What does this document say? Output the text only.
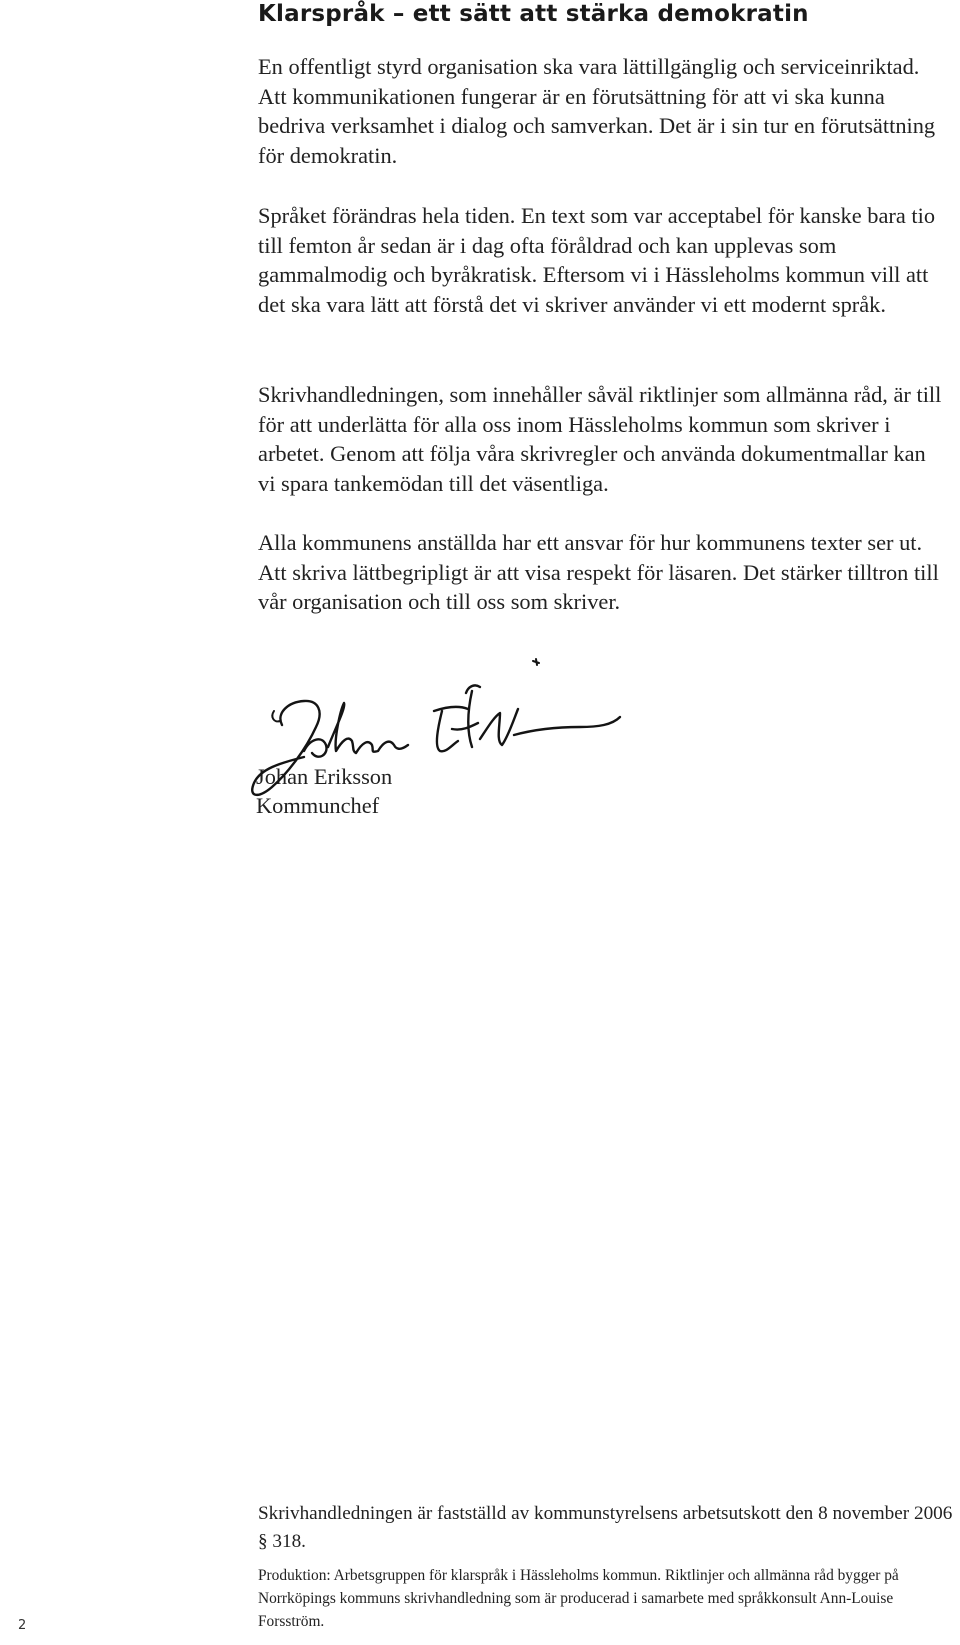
Klarspråk – ett sätt att stärka demokratin

En offentligt styrd organisation ska vara lättillgänglig och serviceinriktad. Att kommunikationen fungerar är en förutsättning för att vi ska kunna bedriva verksamhet i dialog och samverkan. Det är i sin tur en förutsättning för demokratin.

Språket förändras hela tiden. En text som var acceptabel för kanske bara tio till femton år sedan är i dag ofta föråldrad och kan upplevas som gammalmodig och byråkratisk. Eftersom vi i Hässleholms kommun vill att det ska vara lätt att förstå det vi skriver använder vi ett modernt språk.

Skrivhandledningen, som innehåller såväl riktlinjer som allmänna råd, är till för att underlätta för alla oss inom Hässleholms kommun som skriver i arbetet. Genom att följa våra skrivregler och använda dokumentmallar kan vi spara tankemödan till det väsentliga.

Alla kommunens anställda har ett ansvar för hur kommunens texter ser ut. Att skriva lättbegripligt är att visa respekt för läsaren. Det stärker tilltron till vår organisation och till oss som skriver.

Johan Eriksson

Kommunchef

Skrivhandledningen är fastställd av kommunstyrelsens arbetsutskott den 8 november 2006 § 318.

Produktion: Arbetsgruppen för klarspråk i Hässleholms kommun. Riktlinjer och allmänna råd bygger på Norrköpings kommuns skrivhandledning som är producerad i samarbete med språkkonsult Ann-Louise Forsström.

2
